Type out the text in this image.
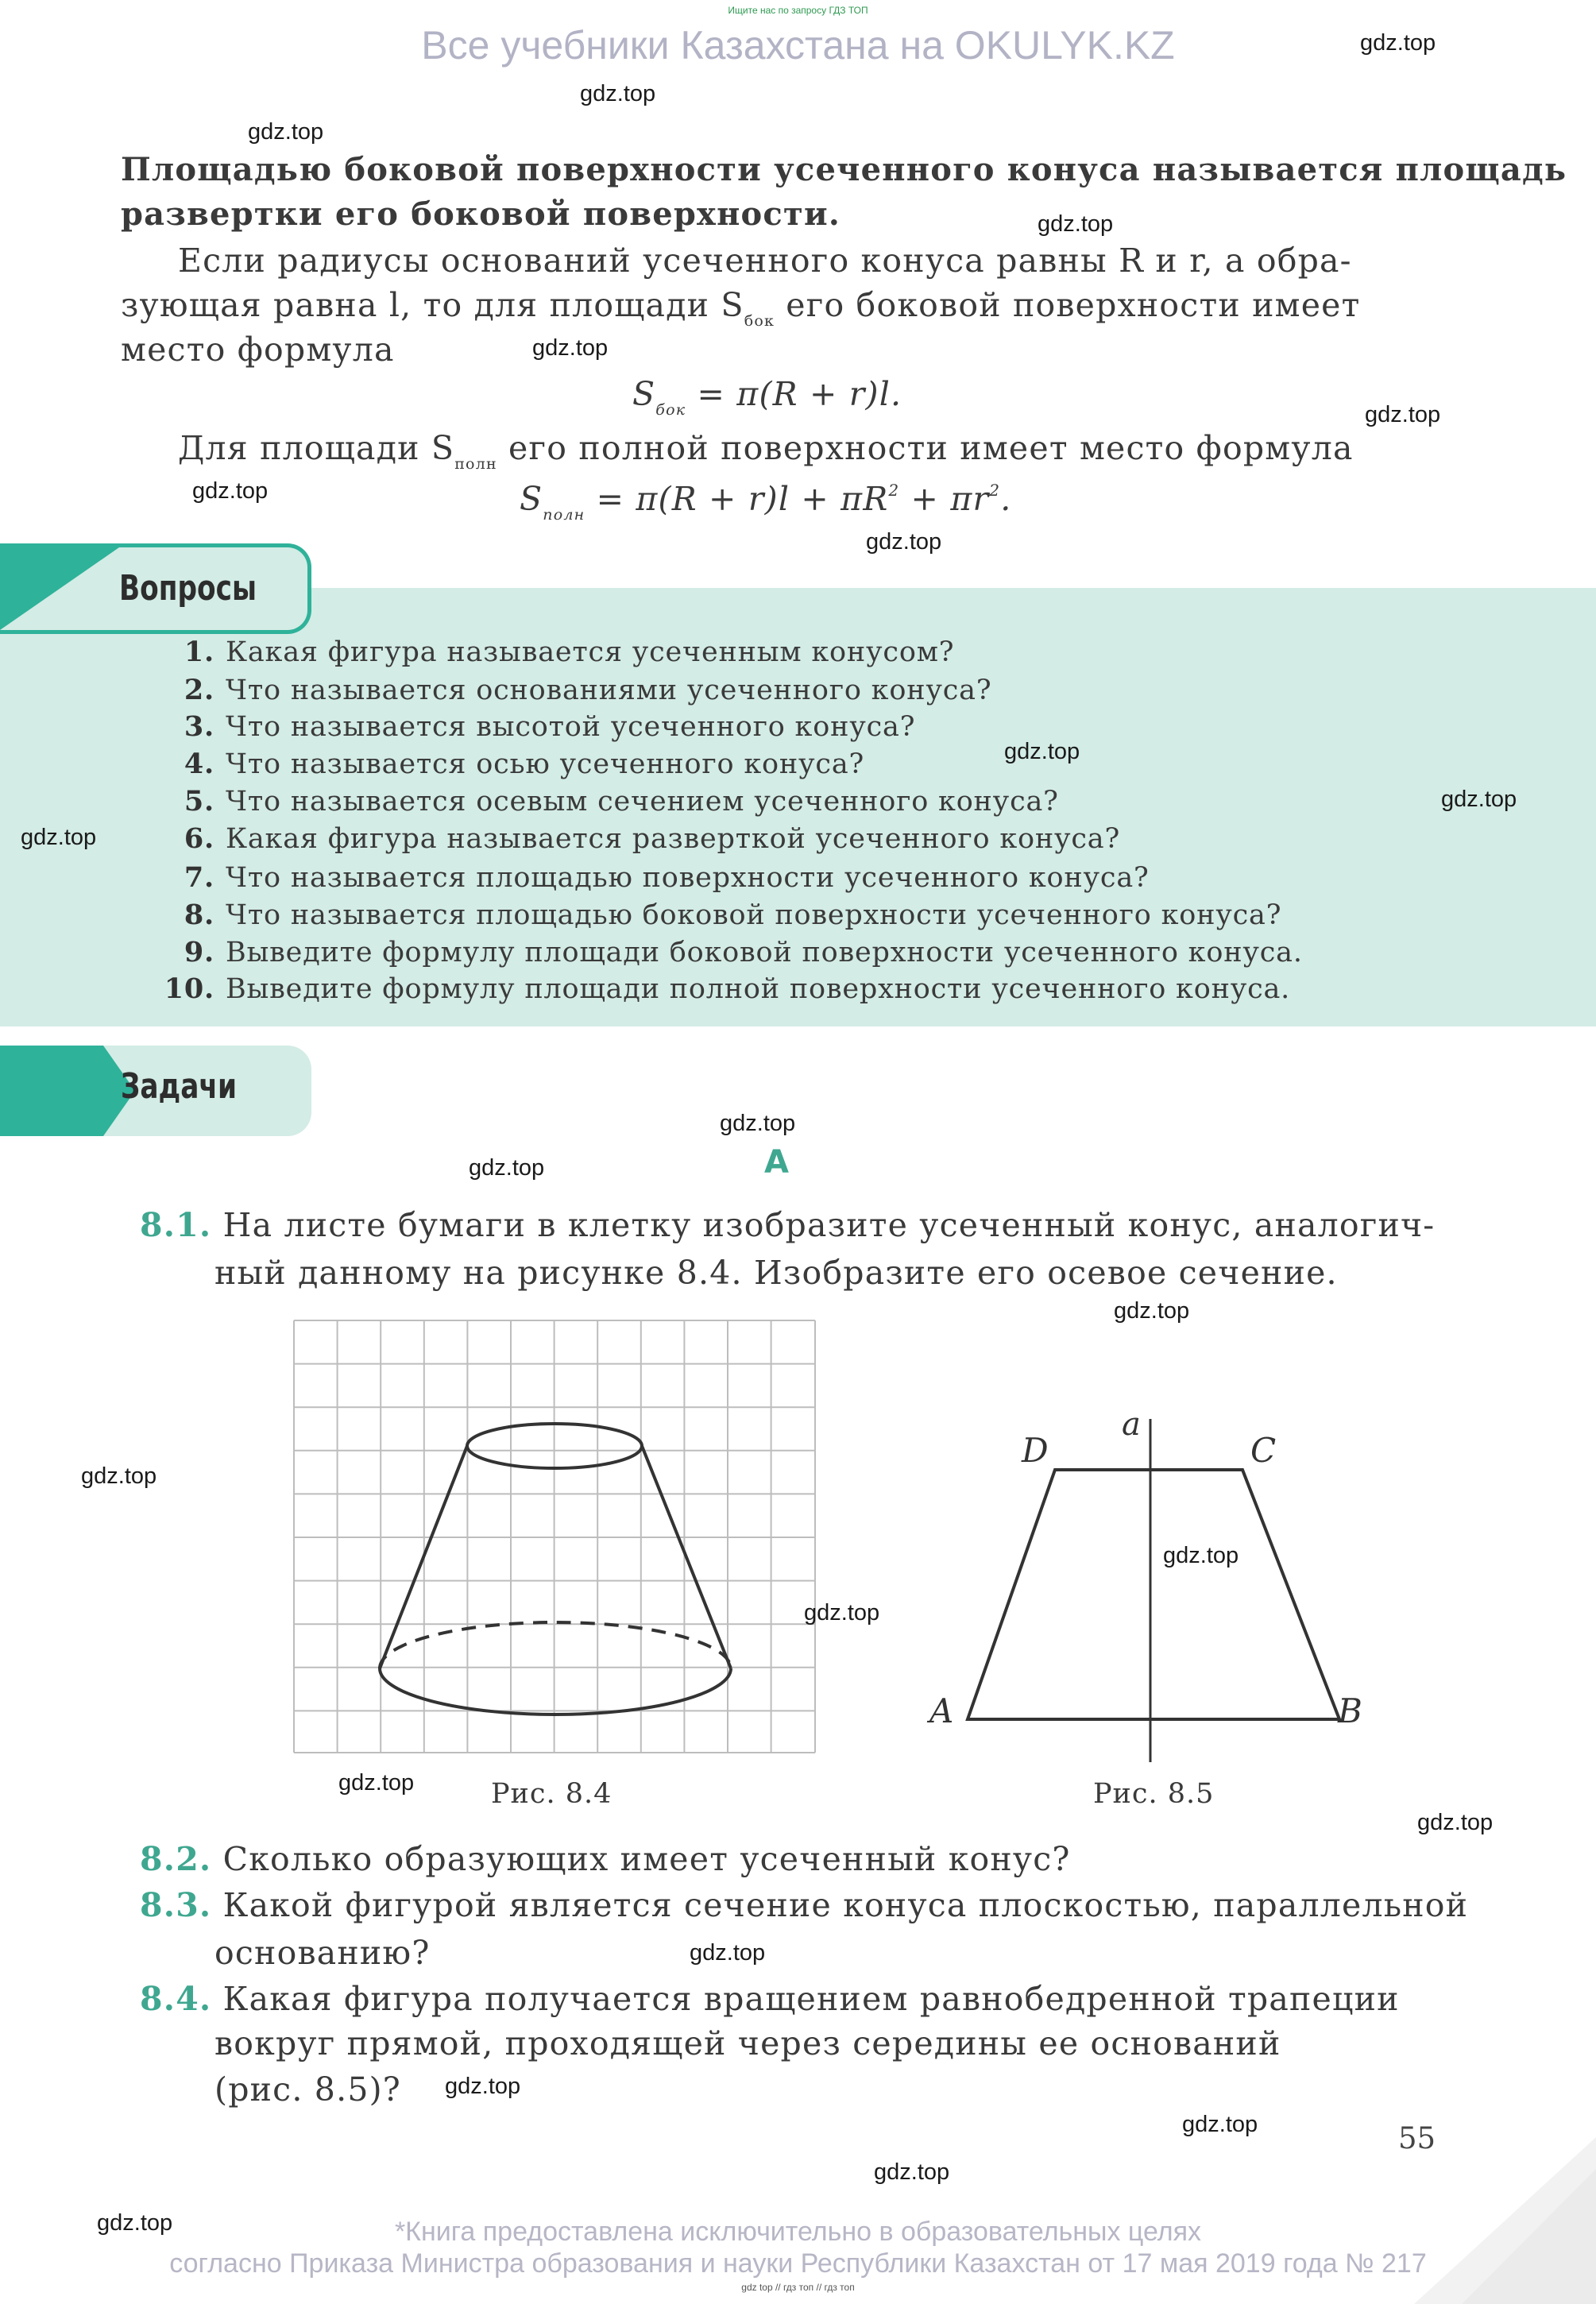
Ищите нас по запросу ГДЗ ТОП
Все учебники Казахстана на OKULYK.KZ
Площадью боковой поверхности усеченного конуса называется площадь
развертки его боковой поверхности.
Если радиусы оснований усеченного конуса равны R и r, а обра-
зующая равна l, то для площади $S_{бок}$ его боковой поверхности имеет
место формула
$S_{бок} = \pi(R + r)l$.
Для площади $S_{полн}$ его полной поверхности имеет место формула
$S_{полн} = \pi(R + r)l + \pi R^2 + \pi r^2$.
Вопросы
1. Какая фигура называется усеченным конусом?
2. Что называется основаниями усеченного конуса?
3. Что называется высотой усеченного конуса?
4. Что называется осью усеченного конуса?
5. Что называется осевым сечением усеченного конуса?
6. Какая фигура называется разверткой усеченного конуса?
7. Что называется площадью поверхности усеченного конуса?
8. Что называется площадью боковой поверхности усеченного конуса?
9. Выведите формулу площади боковой поверхности усеченного конуса.
10. Выведите формулу площади полной поверхности усеченного конуса.
Задачи
А
8.1. На листе бумаги в клетку изобразите усеченный конус, аналогич-
ный данному на рисунке 8.4. Изобразите его осевое сечение.
Рис. 8.4
a
D	C
A	B
Рис. 8.5
8.2. Сколько образующих имеет усеченный конус?
8.3. Какой фигурой является сечение конуса плоскостью, параллельной
основанию?
8.4. Какая фигура получается вращением равнобедренной трапеции
вокруг прямой, проходящей через середины ее оснований
(рис. 8.5)?
55
*Книга предоставлена исключительно в образовательных целях
согласно Приказа Министра образования и науки Республики Казахстан от 17 мая 2019 года № 217
gdz top // гдз топ // гдз топ
gdz.top
gdz.top
gdz.top
gdz.top
gdz.top
gdz.top
gdz.top
gdz.top
gdz.top
gdz.top
gdz.top
gdz.top
gdz.top
gdz.top
gdz.top
gdz.top
gdz.top
gdz.top
gdz.top
gdz.top
gdz.top
gdz.top
gdz.top
gdz.top
